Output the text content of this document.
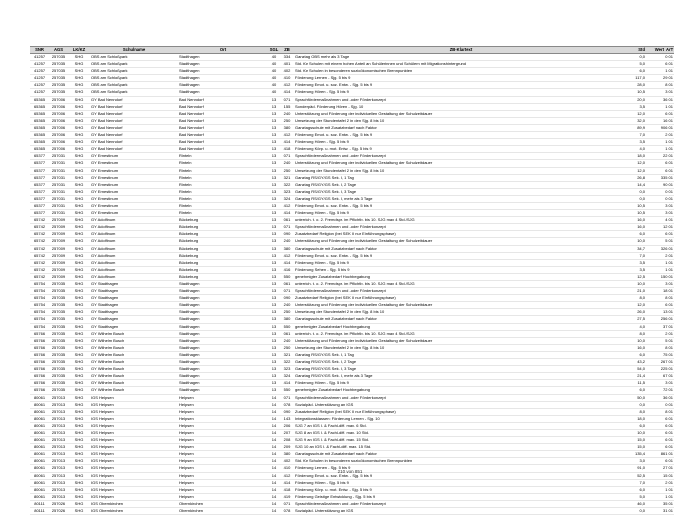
SNR	AGS	LK/KZ	Schulname	Ort	SGL	ZB	ZB-Klartext	Std	Wert	ArT
41257	257035	SHG	OBS am Schloßpark	Stadthagen	40	334	Ganztag OBS mehr als 3 Tage	0,0	0 01	
41257	257035	SHG	OBS am Schloßpark	Stadthagen	40	401	Std. für Schulen mit einem hohen Anteil an Schülerinnen und Schülern mit Migrationshintergrund	5,0	6 01	
41257	257035	SHG	OBS am Schloßpark	Stadthagen	40	402	Std. für Schulen in besonderen sozioökonomischen Brennpunkten	6,0	1 01	
41257	257035	SHG	OBS am Schloßpark	Stadthagen	40	410	Förderung Lernen - Sjg. 5 bis 9	117,0	29 01	
41257	257035	SHG	OBS am Schloßpark	Stadthagen	40	412	Förderung Emot. u. soz. Entw. - Sjg. 5 bis 9	28,0	8 01	
41257	257035	SHG	OBS am Schloßpark	Stadthagen	40	414	Förderung Hören - Sjg. 5 bis 9	10,5	3 01	
65365	257006	SHG	GY Bad Nenndorf	Bad Nenndorf	13	071	Sprachfördermaßnahmen und -oder Förderkonzept	20,0	36 01	
65365	257006	SHG	GY Bad Nenndorf	Bad Nenndorf	13	155	Sonderpäd. Förderung Hören - Sjg. 10	3,5	1 01	
65365	257006	SHG	GY Bad Nenndorf	Bad Nenndorf	13	240	Unterstützung und Förderung der individuellen Gestaltung der Schulzeitdauer	12,0	6 01	
65365	257006	SHG	GY Bad Nenndorf	Bad Nenndorf	13	250	Umsetzung der Stundentafel 2 in den Sjg. 8 bis 10	32,0	16 01	
65365	257006	SHG	GY Bad Nenndorf	Bad Nenndorf	13	380	Ganztagsschule mit Zusatzbedarf nach Faktor	89,9	906 01	
65365	257006	SHG	GY Bad Nenndorf	Bad Nenndorf	13	412	Förderung Emot. u. soz. Entw. - Sjg. 5 bis 9	7,0	2 01	
65365	257006	SHG	GY Bad Nenndorf	Bad Nenndorf	13	414	Förderung Hören - Sjg. 5 bis 9	3,5	1 01	
65365	257006	SHG	GY Bad Nenndorf	Bad Nenndorf	13	418	Förderung Körp. u. mot. Entw. - Sjg. 5 bis 9	4,0	1 01	
65377	257031	SHG	GY Ernestinum	Rinteln	13	071	Sprachfördermaßnahmen und -oder Förderkonzept	18,0	22 01	
65377	257031	SHG	GY Ernestinum	Rinteln	13	240	Unterstützung und Förderung der individuellen Gestaltung der Schulzeitdauer	12,0	6 01	
65377	257031	SHG	GY Ernestinum	Rinteln	13	250	Umsetzung der Stundentafel 2 in den Sjg. 8 bis 10	12,0	6 01	
65377	257031	SHG	GY Ernestinum	Rinteln	13	321	Ganztag RS/GY/GS Sek. I, 1 Tag	26,8	335 01	
65377	257031	SHG	GY Ernestinum	Rinteln	13	322	Ganztag RS/GY/GS Sek. I, 2 Tage	14,4	90 01	
65377	257031	SHG	GY Ernestinum	Rinteln	13	323	Ganztag RS/GY/GS Sek. I, 3 Tage	0,0	0 01	
65377	257031	SHG	GY Ernestinum	Rinteln	13	324	Ganztag RS/GY/GS Sek. I, mehr als 3 Tage	0,0	0 01	
65377	257031	SHG	GY Ernestinum	Rinteln	13	412	Förderung Emot. u. soz. Entw. - Sjg. 5 bis 9	10,5	3 01	
65377	257031	SHG	GY Ernestinum	Rinteln	13	414	Förderung Hören - Sjg. 5 bis 9	10,5	3 01	
65742	257009	SHG	GY Adolfinum	Bückeburg	13	061	unterrich. t. o. 2. Fremdspr. im Pflichtb. bis 10. SJG max 4 Std./SJG	16,0	4 01	
65742	257009	SHG	GY Adolfinum	Bückeburg	13	071	Sprachfördermaßnahmen und -oder Förderkonzept	16,0	12 01	
65742	257009	SHG	GY Adolfinum	Bückeburg	13	090	Zusatzbedarf Religion (bei SEK II nur Einführungsphase)	6,0	6 01	
65742	257009	SHG	GY Adolfinum	Bückeburg	13	240	Unterstützung und Förderung der individuellen Gestaltung der Schulzeitdauer	10,0	5 01	
65742	257009	SHG	GY Adolfinum	Bückeburg	13	380	Ganztagsschule mit Zusatzbedarf nach Faktor	34,7	326 01	
65742	257009	SHG	GY Adolfinum	Bückeburg	13	412	Förderung Emot. u. soz. Entw. - Sjg. 5 bis 9	7,0	2 01	
65742	257009	SHG	GY Adolfinum	Bückeburg	13	414	Förderung Hören - Sjg. 5 bis 9	3,5	1 01	
65742	257009	SHG	GY Adolfinum	Bückeburg	13	416	Förderung Sehen - Sjg. 5 bis 9	3,5	1 01	
65742	257009	SHG	GY Adolfinum	Bückeburg	13	550	genehmigter Zusatzbedarf Hochbegabung	12,5	150 01	
65754	257035	SHG	GY Stadthagen	Stadthagen	13	061	unterrich. t. o. 2. Fremdspr. im Pflichtb. bis 10. SJG max 4 Std./SJG	10,0	3 01	
65754	257035	SHG	GY Stadthagen	Stadthagen	13	071	Sprachfördermaßnahmen und -oder Förderkonzept	21,0	18 01	
65754	257035	SHG	GY Stadthagen	Stadthagen	13	090	Zusatzbedarf Religion (bei SEK II nur Einführungsphase)	8,0	8 01	
65754	257035	SHG	GY Stadthagen	Stadthagen	13	240	Unterstützung und Förderung der individuellen Gestaltung der Schulzeitdauer	12,0	6 01	
65754	257035	SHG	GY Stadthagen	Stadthagen	13	250	Umsetzung der Stundentafel 2 in den Sjg. 8 bis 10	26,0	13 01	
65754	257035	SHG	GY Stadthagen	Stadthagen	13	380	Ganztagsschule mit Zusatzbedarf nach Faktor	27,5	256 01	
65754	257035	SHG	GY Stadthagen	Stadthagen	13	550	genehmigter Zusatzbedarf Hochbegabung	4,0	37 01	
65766	257035	SHG	GY Wilhelm Busch	Stadthagen	13	061	unterrich. t. o. 2. Fremdspr. im Pflichtb. bis 10. SJG max 4 Std./SJG	8,0	2 01	
65766	257035	SHG	GY Wilhelm Busch	Stadthagen	13	240	Unterstützung und Förderung der individuellen Gestaltung der Schulzeitdauer	10,0	5 01	
65766	257035	SHG	GY Wilhelm Busch	Stadthagen	13	250	Umsetzung der Stundentafel 2 in den Sjg. 8 bis 10	16,0	8 01	
65766	257035	SHG	GY Wilhelm Busch	Stadthagen	13	321	Ganztag RS/GY/GS Sek. I, 1 Tag	6,0	75 01	
65766	257035	SHG	GY Wilhelm Busch	Stadthagen	13	322	Ganztag RS/GY/GS Sek. I, 2 Tage	43,2	267 01	
65766	257035	SHG	GY Wilhelm Busch	Stadthagen	13	323	Ganztag RS/GY/GS Sek. I, 3 Tage	54,0	225 01	
65766	257035	SHG	GY Wilhelm Busch	Stadthagen	13	324	Ganztag RS/GY/GS Sek. I, mehr als 3 Tage	21,4	67 01	
65766	257035	SHG	GY Wilhelm Busch	Stadthagen	13	414	Förderung Hören - Sjg. 5 bis 9	11,5	3 01	
65766	257035	SHG	GY Wilhelm Busch	Stadthagen	13	550	genehmigter Zusatzbedarf Hochbegabung	6,0	72 01	
80061	257013	SHG	IGS Helpsen	Helpsen	14	071	Sprachfördermaßnahmen und -oder Förderkonzept	50,0	36 01	
80061	257013	SHG	IGS Helpsen	Helpsen	14	078	Sozialpäd. Unterstützung an IGS	0,0	0 01	
80061	257013	SHG	IGS Helpsen	Helpsen	14	090	Zusatzbedarf Religion (bei SEK II nur Einführungsphase)	8,0	8 01	
80061	257013	SHG	IGS Helpsen	Helpsen	14	143	Integrationsklassen: Förderung Lernen - Sjg. 10	18,0	6 01	
80061	257013	SHG	IGS Helpsen	Helpsen	14	206	SJG 7 an IGS I. & Fachl-diff. max. 6 Std.	6,0	6 01	
80061	257013	SHG	IGS Helpsen	Helpsen	14	207	SJG 8 an IGS I. & Fachl-diff. max. 10 Std.	10,0	6 01	
80061	257013	SHG	IGS Helpsen	Helpsen	14	208	SJG 9 an IGS I. & Fachl-diff. max. 15 Std.	15,0	6 01	
80061	257013	SHG	IGS Helpsen	Helpsen	14	209	SJG 10 an IGS I. & Fachl-diff. max. 15 Std.	15,0	6 01	
80061	257013	SHG	IGS Helpsen	Helpsen	14	380	Ganztagsschule mit Zusatzbedarf nach Faktor	135,4	861 01	
80061	257013	SHG	IGS Helpsen	Helpsen	14	402	Std. für Schulen in besonderen sozioökonomischen Brennpunkten	3,0	6 01	
80061	257013	SHG	IGS Helpsen	Helpsen	14	410	Förderung Lernen - Sjg. 5 bis 9	91,0	27 01	
80061	257013	SHG	IGS Helpsen	Helpsen	14	412	Förderung Emot. u. soz. Entw. - Sjg. 5 bis 9	52,5	15 01	
80061	257013	SHG	IGS Helpsen	Helpsen	14	414	Förderung Hören - Sjg. 5 bis 9	7,0	2 01	
80061	257013	SHG	IGS Helpsen	Helpsen	14	418	Förderung Körp. u. mot. Entw. - Sjg. 5 bis 9	6,0	1 01	
80061	257013	SHG	IGS Helpsen	Helpsen	14	419	Förderung Geistige Entwicklung - Sjg. 5 bis 9	5,0	1 01	
80111	257026	SHG	IGS Obernkirchen	Obernkirchen	14	071	Sprachfördermaßnahmen und -oder Förderkonzept	46,0	35 01	
80111	257026	SHG	IGS Obernkirchen	Obernkirchen	14	078	Sozialpäd. Unterstützung an IGS	0,0	31 01	
210 von 851
